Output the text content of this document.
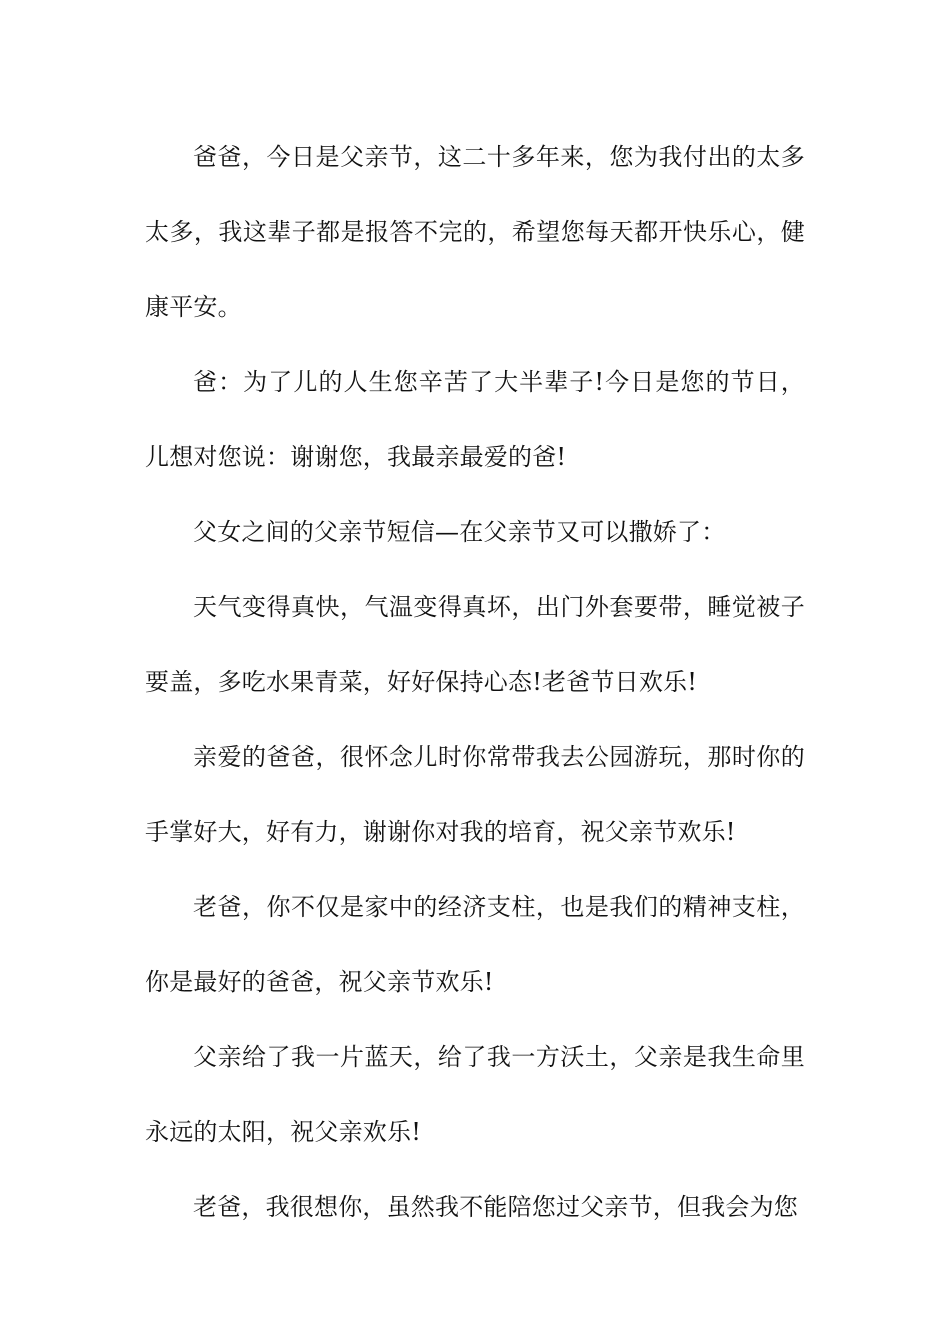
爸爸，今日是父亲节，这二十多年来，您为我付出的太多太多，我这辈子都是报答不完的，希望您每天都开快乐心，健康平安。

爸：为了儿的人生您辛苦了大半辈子!今日是您的节日，儿想对您说：谢谢您，我最亲最爱的爸!

父女之间的父亲节短信—在父亲节又可以撒娇了：

天气变得真快，气温变得真坏，出门外套要带，睡觉被子要盖，多吃水果青菜，好好保持心态!老爸节日欢乐!

亲爱的爸爸，很怀念儿时你常带我去公园游玩，那时你的手掌好大，好有力，谢谢你对我的培育，祝父亲节欢乐!

老爸，你不仅是家中的经济支柱，也是我们的精神支柱，你是最好的爸爸，祝父亲节欢乐!

父亲给了我一片蓝天，给了我一方沃土，父亲是我生命里永远的太阳，祝父亲欢乐!

老爸，我很想你，虽然我不能陪您过父亲节，但我会为您
